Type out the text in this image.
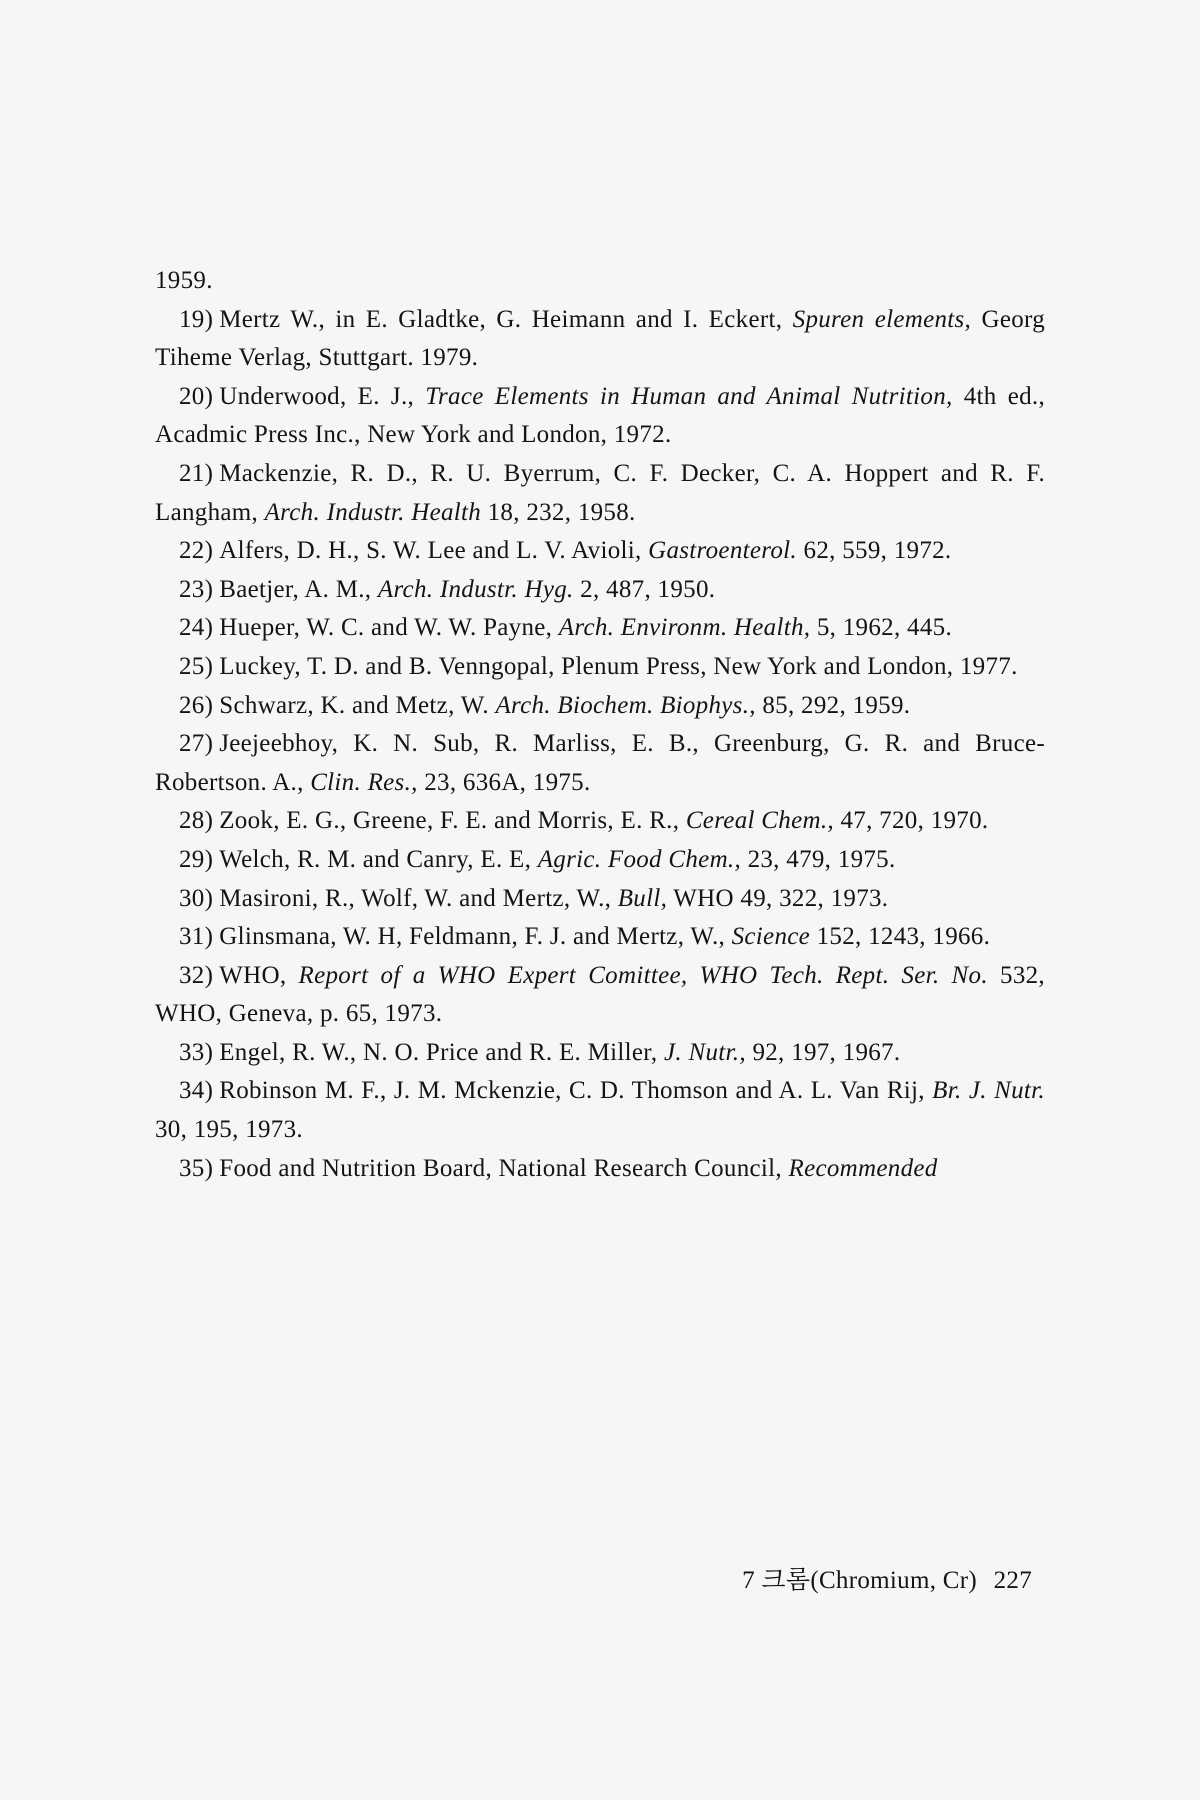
1959.
19) Mertz W., in E. Gladtke, G. Heimann and I. Eckert, Spuren elements, Georg Tiheme Verlag, Stuttgart. 1979.
20) Underwood, E. J., Trace Elements in Human and Animal Nutrition, 4th ed., Acadmic Press Inc., New York and London, 1972.
21) Mackenzie, R. D., R. U. Byerrum, C. F. Decker, C. A. Hoppert and R. F. Langham, Arch. Industr. Health 18, 232, 1958.
22) Alfers, D. H., S. W. Lee and L. V. Avioli, Gastroenterol. 62, 559, 1972.
23) Baetjer, A. M., Arch. Industr. Hyg. 2, 487, 1950.
24) Hueper, W. C. and W. W. Payne, Arch. Environm. Health, 5, 1962, 445.
25) Luckey, T. D. and B. Venngopal, Plenum Press, New York and London, 1977.
26) Schwarz, K. and Metz, W. Arch. Biochem. Biophys., 85, 292, 1959.
27) Jeejeebhoy, K. N. Sub, R. Marliss, E. B., Greenburg, G. R. and Bruce-Robertson. A., Clin. Res., 23, 636A, 1975.
28) Zook, E. G., Greene, F. E. and Morris, E. R., Cereal Chem., 47, 720, 1970.
29) Welch, R. M. and Canry, E. E, Agric. Food Chem., 23, 479, 1975.
30) Masironi, R., Wolf, W. and Mertz, W., Bull, WHO 49, 322, 1973.
31) Glinsmana, W. H, Feldmann, F. J. and Mertz, W., Science 152, 1243, 1966.
32) WHO, Report of a WHO Expert Comittee, WHO Tech. Rept. Ser. No. 532, WHO, Geneva, p. 65, 1973.
33) Engel, R. W., N. O. Price and R. E. Miller, J. Nutr., 92, 197, 1967.
34) Robinson M. F., J. M. Mckenzie, C. D. Thomson and A. L. Van Rij, Br. J. Nutr. 30, 195, 1973.
35) Food and Nutrition Board, National Research Council, Recommended
7 크롬(Chromium, Cr) 227
